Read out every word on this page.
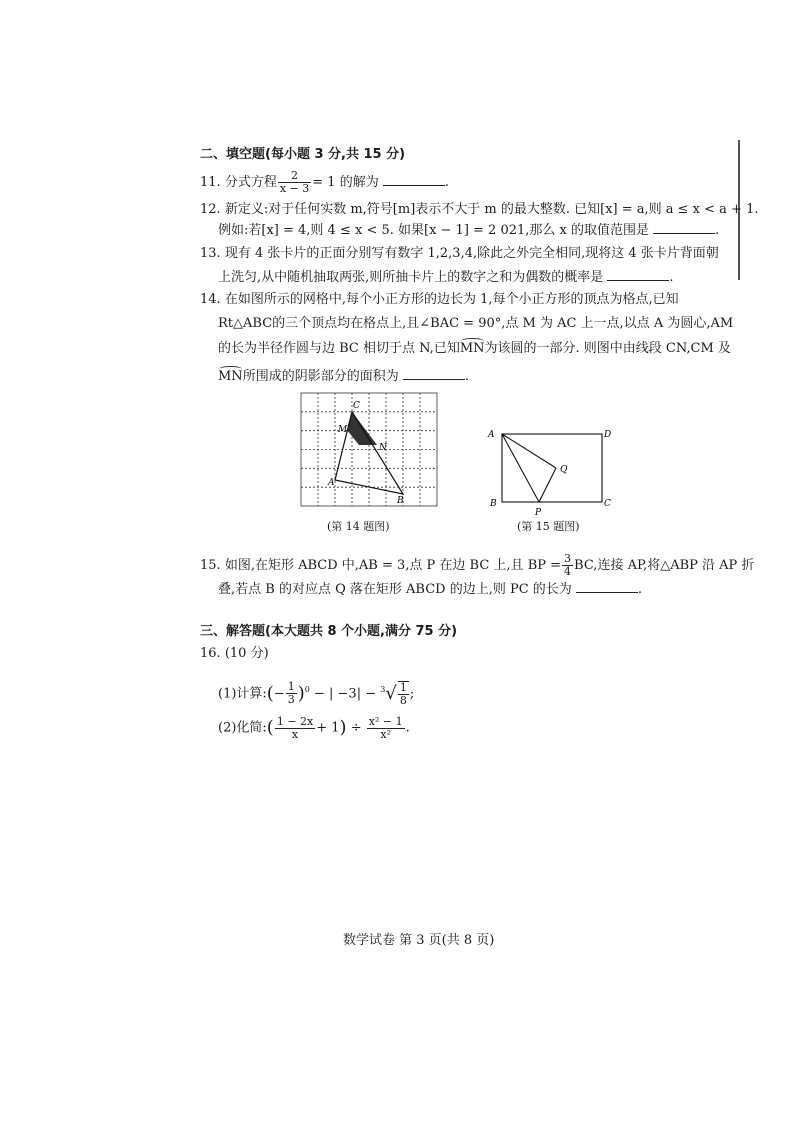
二、填空题(每小题 3 分,共 15 分)
11. 分式方程 $\frac{2}{x - 3} = 1$ 的解为	.
12. 新定义:对于任何实数 m,符号[m]表示不大于 m 的最大整数. 已知[x] = a,则 a ≤ x < a + 1.
例如:若[x] = 4,则 4 ≤ x < 5. 如果[x − 1] = 2 021,那么 x 的取值范围是	.
13. 现有 4 张卡片的正面分别写有数字 1,2,3,4,除此之外完全相同,现将这 4 张卡片背面朝
上洗匀,从中随机抽取两张,则所抽卡片上的数字之和为偶数的概率是	.
14. 在如图所示的网格中,每个小正方形的边长为 1,每个小正方形的顶点为格点,已知
Rt△ABC的三个顶点均在格点上,且∠BAC = 90°,点 M 为 AC 上一点,以点 A 为圆心,AM
的长为半径作圆与边 BC 相切于点 N,已知MN为该圆的一部分. 则图中由线段 CN,CM 及
MN所围成的阴影部分的面积为	.
C
M
N
A
B
(第 14 题图)
A	D
Q
B
P
C
(第 15 题图)
15. 如图,在矩形 ABCD 中,AB = 3,点 P 在边 BC 上,且 BP = $\frac{3}{4}$ BC,连接 AP,将△ABP 沿 AP 折
叠,若点 B 的对应点 Q 落在矩形 ABCD 的边上,则 PC 的长为	.
三、解答题(本大题共 8 个小题,满分 75 分)
16. (10 分)
(1)计算:(− $\frac{1}{3} )^0$ − | $-3| - ^3√ \frac{1}{8}$ ;
(2)化简:( $\frac{1 - 2x}{x} + 1) \div \frac{\text{x² − 1}}{\text{x²}}$ .
数学试卷 第 3 页(共 8 页)
